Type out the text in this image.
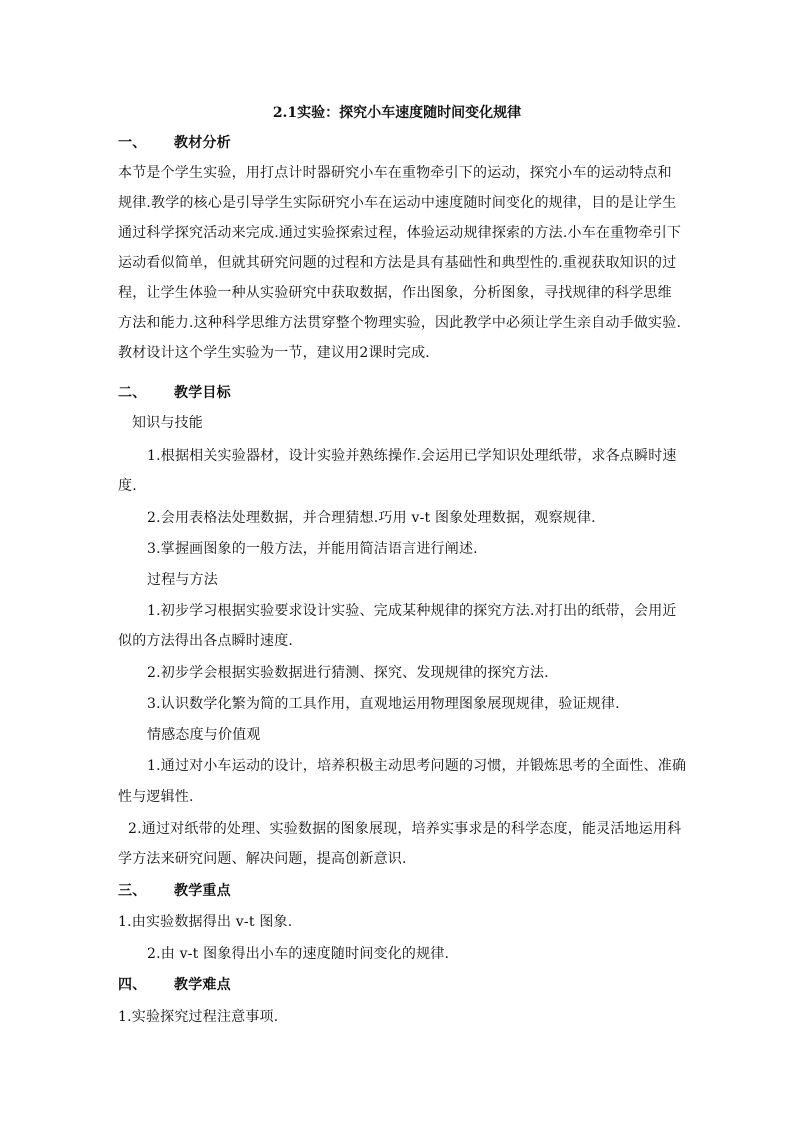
2.1实验：探究小车速度随时间变化规律
一、 教材分析
本节是个学生实验，用打点计时器研究小车在重物牵引下的运动，探究小车的运动特点和
规律.教学的核心是引导学生实际研究小车在运动中速度随时间变化的规律，目的是让学生
通过科学探究活动来完成.通过实验探索过程，体验运动规律探索的方法.小车在重物牵引下
运动看似简单，但就其研究问题的过程和方法是具有基础性和典型性的.重视获取知识的过
程，让学生体验一种从实验研究中获取数据，作出图象，分析图象，寻找规律的科学思维
方法和能力.这种科学思维方法贯穿整个物理实验，因此教学中必须让学生亲自动手做实验.
教材设计这个学生实验为一节，建议用2课时完成.
二、 教学目标
知识与技能
1.根据相关实验器材，设计实验并熟练操作.会运用已学知识处理纸带，求各点瞬时速
度.
2.会用表格法处理数据，并合理猜想.巧用 v-t 图象处理数据，观察规律.
3.掌握画图象的一般方法，并能用简洁语言进行阐述.
过程与方法
1.初步学习根据实验要求设计实验、完成某种规律的探究方法.对打出的纸带，会用近
似的方法得出各点瞬时速度.
2.初步学会根据实验数据进行猜测、探究、发现规律的探究方法.
3.认识数学化繁为简的工具作用，直观地运用物理图象展现规律，验证规律.
情感态度与价值观
1.通过对小车运动的设计，培养积极主动思考问题的习惯，并锻炼思考的全面性、准确
性与逻辑性.
2.通过对纸带的处理、实验数据的图象展现，培养实事求是的科学态度，能灵活地运用科
学方法来研究问题、解决问题，提高创新意识.
三、 教学重点
1.由实验数据得出 v-t 图象.
2.由 v-t 图象得出小车的速度随时间变化的规律.
四、 教学难点
1.实验探究过程注意事项.
